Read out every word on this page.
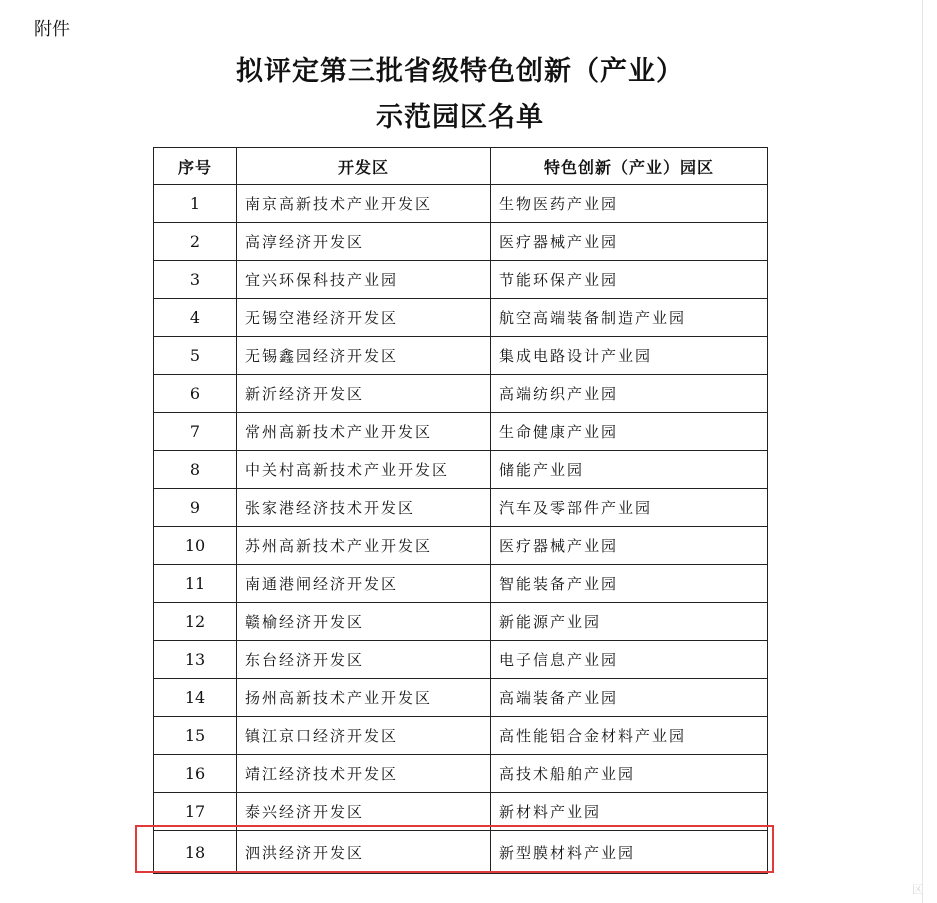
附件
拟评定第三批省级特色创新（产业）
示范园区名单
序号	开发区	特色创新（产业）园区
1	南京高新技术产业开发区	生物医药产业园
2	高淳经济开发区	医疗器械产业园
3	宜兴环保科技产业园	节能环保产业园
4	无锡空港经济开发区	航空高端装备制造产业园
5	无锡鑫园经济开发区	集成电路设计产业园
6	新沂经济开发区	高端纺织产业园
7	常州高新技术产业开发区	生命健康产业园
8	中关村高新技术产业开发区	储能产业园
9	张家港经济技术开发区	汽车及零部件产业园
10	苏州高新技术产业开发区	医疗器械产业园
11	南通港闸经济开发区	智能装备产业园
12	赣榆经济开发区	新能源产业园
13	东台经济开发区	电子信息产业园
14	扬州高新技术产业开发区	高端装备产业园
15	镇江京口经济开发区	高性能铝合金材料产业园
16	靖江经济技术开发区	高技术船舶产业园
17	泰兴经济开发区	新材料产业园
18	泗洪经济开发区	新型膜材料产业园
区
